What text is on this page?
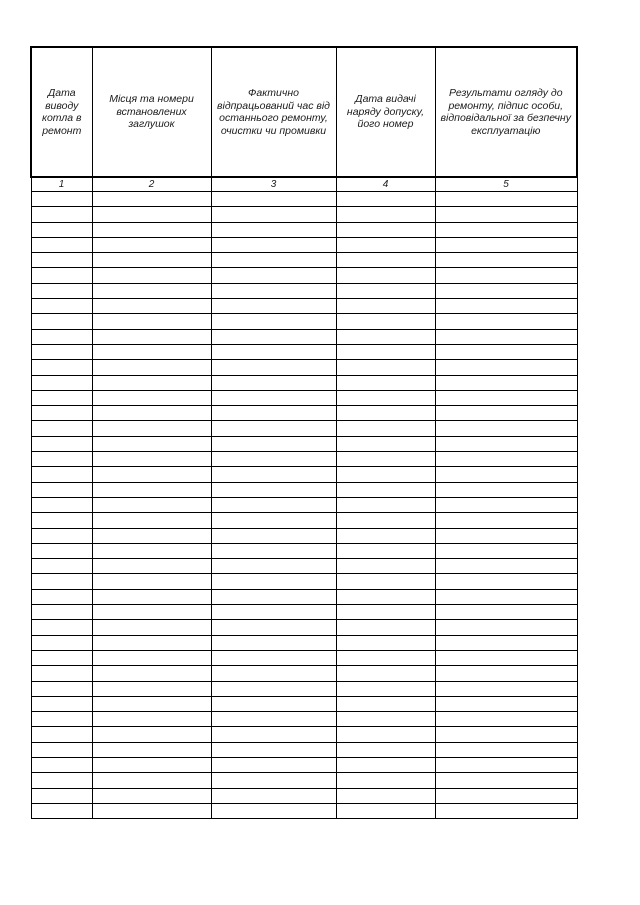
Дата виводу котла в ремонт	Місця та номери встановлених заглушок	Фактично відпрацьований час від останнього ремонту, очистки чи промивки	Дата видачі наряду допуску, його номер	Результати огляду до ремонту, підпис особи, відповідальної за безпечну експлуатацію
1	2	3	4	5
